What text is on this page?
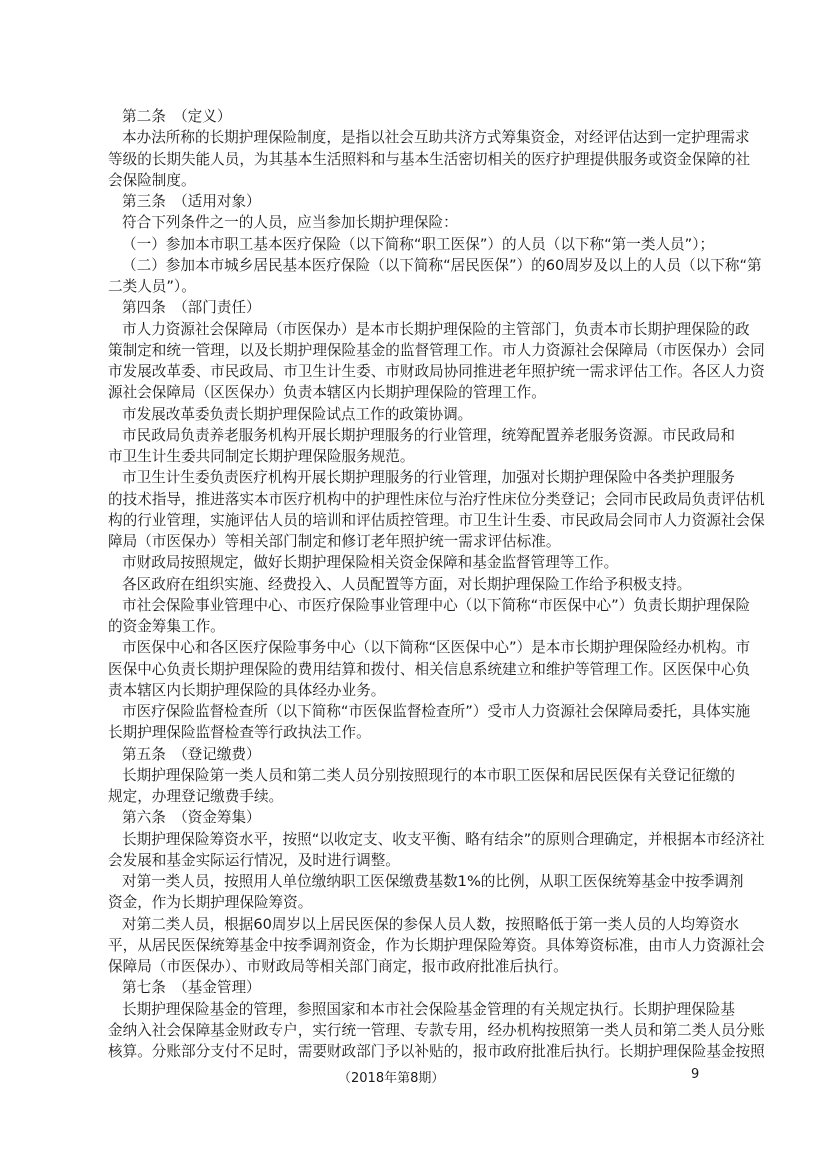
第二条　（定义）
本办法所称的长期护理保险制度，是指以社会互助共济方式筹集资金，对经评估达到一定护理需求
等级的长期失能人员，为其基本生活照料和与基本生活密切相关的医疗护理提供服务或资金保障的社
会保险制度。
第三条　（适用对象）
符合下列条件之一的人员，应当参加长期护理保险：
（一）参加本市职工基本医疗保险（以下简称“职工医保”）的人员（以下称“第一类人员”）；
（二）参加本市城乡居民基本医疗保险（以下简称“居民医保”）的60周岁及以上的人员（以下称“第
二类人员”）。
第四条　（部门责任）
市人力资源社会保障局（市医保办）是本市长期护理保险的主管部门，负责本市长期护理保险的政
策制定和统一管理，以及长期护理保险基金的监督管理工作。市人力资源社会保障局（市医保办）会同
市发展改革委、市民政局、市卫生计生委、市财政局协同推进老年照护统一需求评估工作。各区人力资
源社会保障局（区医保办）负责本辖区内长期护理保险的管理工作。
市发展改革委负责长期护理保险试点工作的政策协调。
市民政局负责养老服务机构开展长期护理服务的行业管理，统筹配置养老服务资源。市民政局和
市卫生计生委共同制定长期护理保险服务规范。
市卫生计生委负责医疗机构开展长期护理服务的行业管理，加强对长期护理保险中各类护理服务
的技术指导，推进落实本市医疗机构中的护理性床位与治疗性床位分类登记；会同市民政局负责评估机
构的行业管理，实施评估人员的培训和评估质控管理。市卫生计生委、市民政局会同市人力资源社会保
障局（市医保办）等相关部门制定和修订老年照护统一需求评估标准。
市财政局按照规定，做好长期护理保险相关资金保障和基金监督管理等工作。
各区政府在组织实施、经费投入、人员配置等方面，对长期护理保险工作给予积极支持。
市社会保险事业管理中心、市医疗保险事业管理中心（以下简称“市医保中心”）负责长期护理保险
的资金筹集工作。
市医保中心和各区医疗保险事务中心（以下简称“区医保中心”）是本市长期护理保险经办机构。市
医保中心负责长期护理保险的费用结算和拨付、相关信息系统建立和维护等管理工作。区医保中心负
责本辖区内长期护理保险的具体经办业务。
市医疗保险监督检查所（以下简称“市医保监督检查所”）受市人力资源社会保障局委托，具体实施
长期护理保险监督检查等行政执法工作。
第五条　（登记缴费）
长期护理保险第一类人员和第二类人员分别按照现行的本市职工医保和居民医保有关登记征缴的
规定，办理登记缴费手续。
第六条　（资金筹集）
长期护理保险筹资水平，按照“以收定支、收支平衡、略有结余”的原则合理确定，并根据本市经济社
会发展和基金实际运行情况，及时进行调整。
对第一类人员，按照用人单位缴纳职工医保缴费基数1%的比例，从职工医保统筹基金中按季调剂
资金，作为长期护理保险筹资。
对第二类人员，根据60周岁以上居民医保的参保人员人数，按照略低于第一类人员的人均筹资水
平，从居民医保统筹基金中按季调剂资金，作为长期护理保险筹资。具体筹资标准，由市人力资源社会
保障局（市医保办）、市财政局等相关部门商定，报市政府批准后执行。
第七条　（基金管理）
长期护理保险基金的管理，参照国家和本市社会保险基金管理的有关规定执行。长期护理保险基
金纳入社会保障基金财政专户，实行统一管理、专款专用，经办机构按照第一类人员和第二类人员分账
核算。分账部分支付不足时，需要财政部门予以补贴的，报市政府批准后执行。长期护理保险基金按照
（2018年第8期）	9
